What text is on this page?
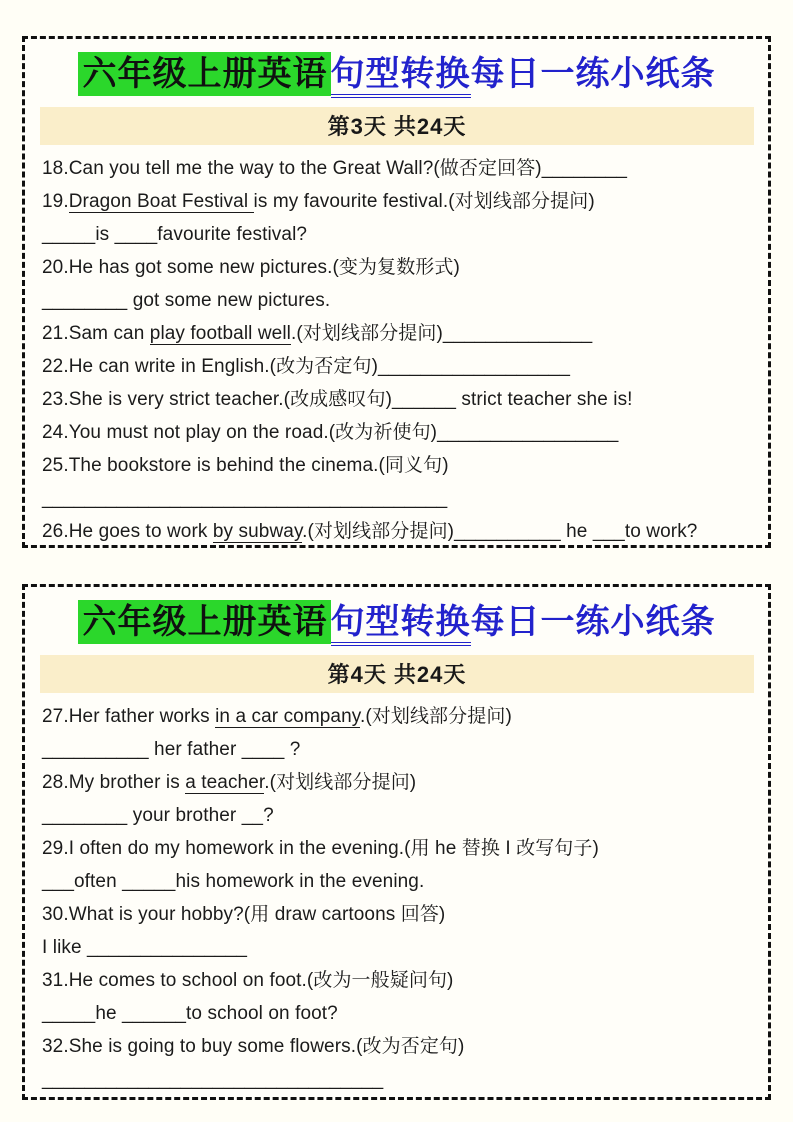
六年级上册英语句型转换每日一练小纸条
第3天 共24天
18.Can you tell me the way to the Great Wall?(做否定回答)________
19.Dragon Boat Festival is my favourite festival.(对划线部分提问)
_____is ____favourite festival?
20.He has got some new pictures.(变为复数形式)
________ got some new pictures.
21.Sam can play football well.(对划线部分提问)______________
22.He can write in English.(改为否定句)__________________
23.She is very strict teacher.(改成感叹句)______ strict teacher she is!
24.You must not play on the road.(改为祈使句)_________________
25.The bookstore is behind the cinema.(同义句)
______________________________________
26.He goes to work by subway.(对划线部分提问)__________ he ___to work?
六年级上册英语句型转换每日一练小纸条
第4天 共24天
27.Her father works in a car company.(对划线部分提问)
__________ her father ____ ?
28.My brother is a teacher.(对划线部分提问)
________ your brother __?
29.I often do my homework in the evening.(用 he 替换 I 改写句子)
___often _____his homework in the evening.
30.What is your hobby?(用 draw cartoons 回答)
I like _______________
31.He comes to school on foot.(改为一般疑问句)
_____he ______to school on foot?
32.She is going to buy some flowers.(改为否定句)
________________________________
